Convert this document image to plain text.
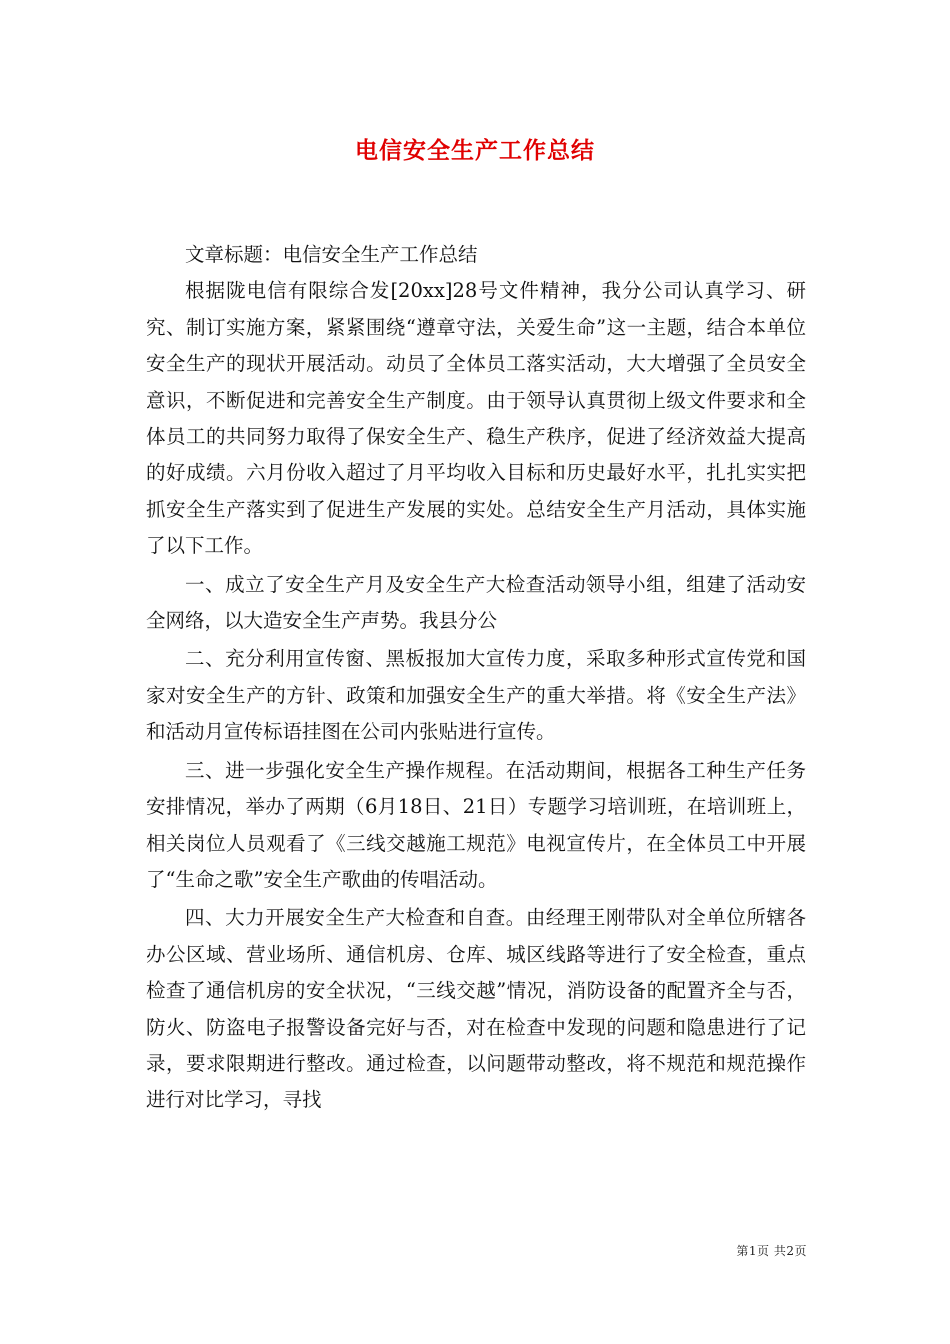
电信安全生产工作总结

文章标题：电信安全生产工作总结

根据陇电信有限综合发[20xx]28号文件精神，我分公司认真学习、研究、制订实施方案，紧紧围绕“遵章守法，关爱生命”这一主题，结合本单位安全生产的现状开展活动。动员了全体员工落实活动，大大增强了全员安全意识，不断促进和完善安全生产制度。由于领导认真贯彻上级文件要求和全体员工的共同努力取得了保安全生产、稳生产秩序，促进了经济效益大提高的好成绩。六月份收入超过了月平均收入目标和历史最好水平，扎扎实实把抓安全生产落实到了促进生产发展的实处。总结安全生产月活动，具体实施了以下工作。

一、成立了安全生产月及安全生产大检查活动领导小组，组建了活动安全网络，以大造安全生产声势。我县分公

二、充分利用宣传窗、黑板报加大宣传力度，采取多种形式宣传党和国家对安全生产的方针、政策和加强安全生产的重大举措。将《安全生产法》和活动月宣传标语挂图在公司内张贴进行宣传。

三、进一步强化安全生产操作规程。在活动期间，根据各工种生产任务安排情况，举办了两期（6月18日、21日）专题学习培训班，在培训班上，相关岗位人员观看了《三线交越施工规范》电视宣传片，在全体员工中开展了“生命之歌”安全生产歌曲的传唱活动。

四、大力开展安全生产大检查和自查。由经理王刚带队对全单位所辖各办公区域、营业场所、通信机房、仓库、城区线路等进行了安全检查，重点检查了通信机房的安全状况，“三线交越”情况，消防设备的配置齐全与否，防火、防盗电子报警设备完好与否，对在检查中发现的问题和隐患进行了记录，要求限期进行整改。通过检查，以问题带动整改，将不规范和规范操作进行对比学习，寻找

第1页 共2页
